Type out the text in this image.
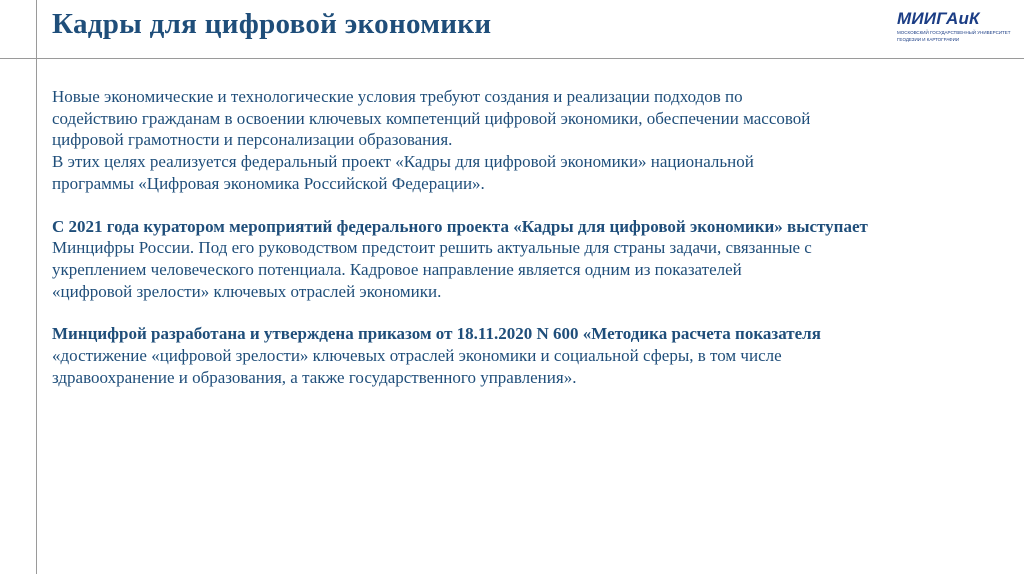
Кадры для цифровой экономики	МИИГАиК
МОСКОВСКИЙ ГОСУДАРСТВЕННЫЙ УНИВЕРСИТЕТ
ГЕОДЕЗИИ И КАРТОГРАФИИ
Новые экономические и технологические условия требуют создания и реализации подходов по
содействию гражданам в освоении ключевых компетенций цифровой экономики, обеспечении массовой
цифровой грамотности и персонализации образования.
В этих целях реализуется федеральный проект «Кадры для цифровой экономики» национальной
программы «Цифровая экономика Российской Федерации».
С 2021 года куратором мероприятий федерального проекта «Кадры для цифровой экономики» выступает
Минцифры России. Под его руководством предстоит решить актуальные для страны задачи, связанные с
укреплением человеческого потенциала. Кадровое направление является одним из показателей
«цифровой зрелости» ключевых отраслей экономики.
Минцифрой разработана и утверждена приказом от 18.11.2020 N 600 «Методика расчета показателя
«достижение «цифровой зрелости» ключевых отраслей экономики и социальной сферы, в том числе
здравоохранение и образования, а также государственного управления».
